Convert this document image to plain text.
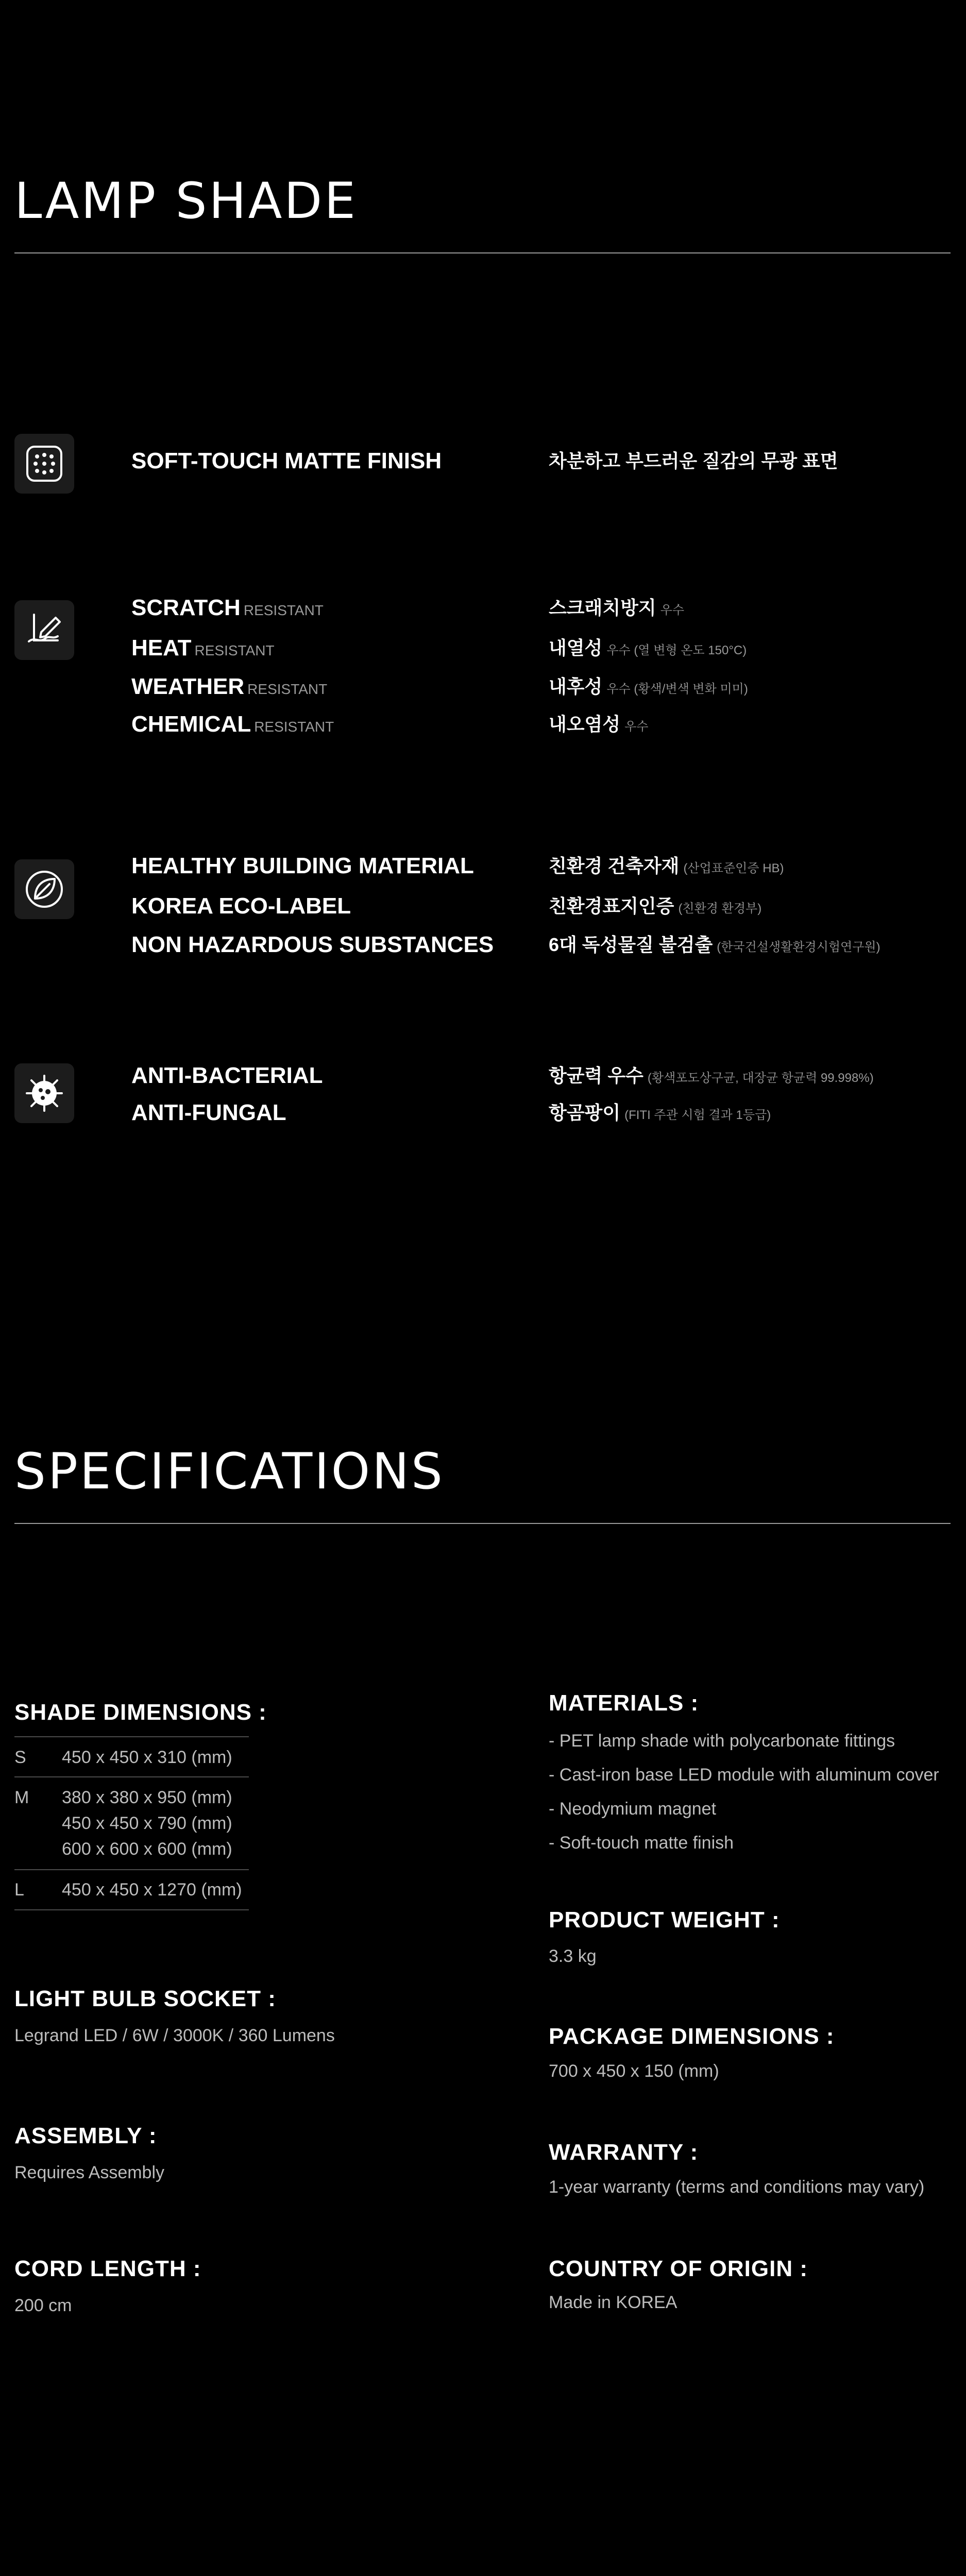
LAMP SHADE
SOFT-TOUCH MATTE FINISH	차분하고 부드러운 질감의 무광 표면
SCRATCH RESISTANT
HEAT RESISTANT
WEATHER RESISTANT
CHEMICAL RESISTANT
스크래치방지 우수
내열성 우수 (열 변형 온도 150°C)
내후성 우수 (황색/변색 변화 미미)
내오염성 우수
HEALTHY BUILDING MATERIAL
KOREA ECO-LABEL
NON HAZARDOUS SUBSTANCES
친환경 건축자재 (산업표준인증 HB)
친환경표지인증 (친환경 환경부)
6대 독성물질 불검출 (한국건설생활환경시험연구원)
ANTI-BACTERIAL
ANTI-FUNGAL
항균력 우수 (황색포도상구균, 대장균 항균력 99.998%)
항곰팡이 (FITI 주관 시험 결과 1등급)
SPECIFICATIONS
SHADE DIMENSIONS :
S 450 x 450 x 310 (mm)
M 380 x 380 x 950 (mm)
450 x 450 x 790 (mm)
600 x 600 x 600 (mm)
L 450 x 450 x 1270 (mm)
LIGHT BULB SOCKET :
Legrand LED / 6W / 3000K / 360 Lumens
ASSEMBLY :
Requires Assembly
CORD LENGTH :
200 cm
MATERIALS :
- PET lamp shade with polycarbonate fittings
- Cast-iron base LED module with aluminum cover
- Neodymium magnet
- Soft-touch matte finish
PRODUCT WEIGHT :
3.3 kg
PACKAGE DIMENSIONS :
700 x 450 x 150 (mm)
WARRANTY :
1-year warranty (terms and conditions may vary)
COUNTRY OF ORIGIN :
Made in KOREA
